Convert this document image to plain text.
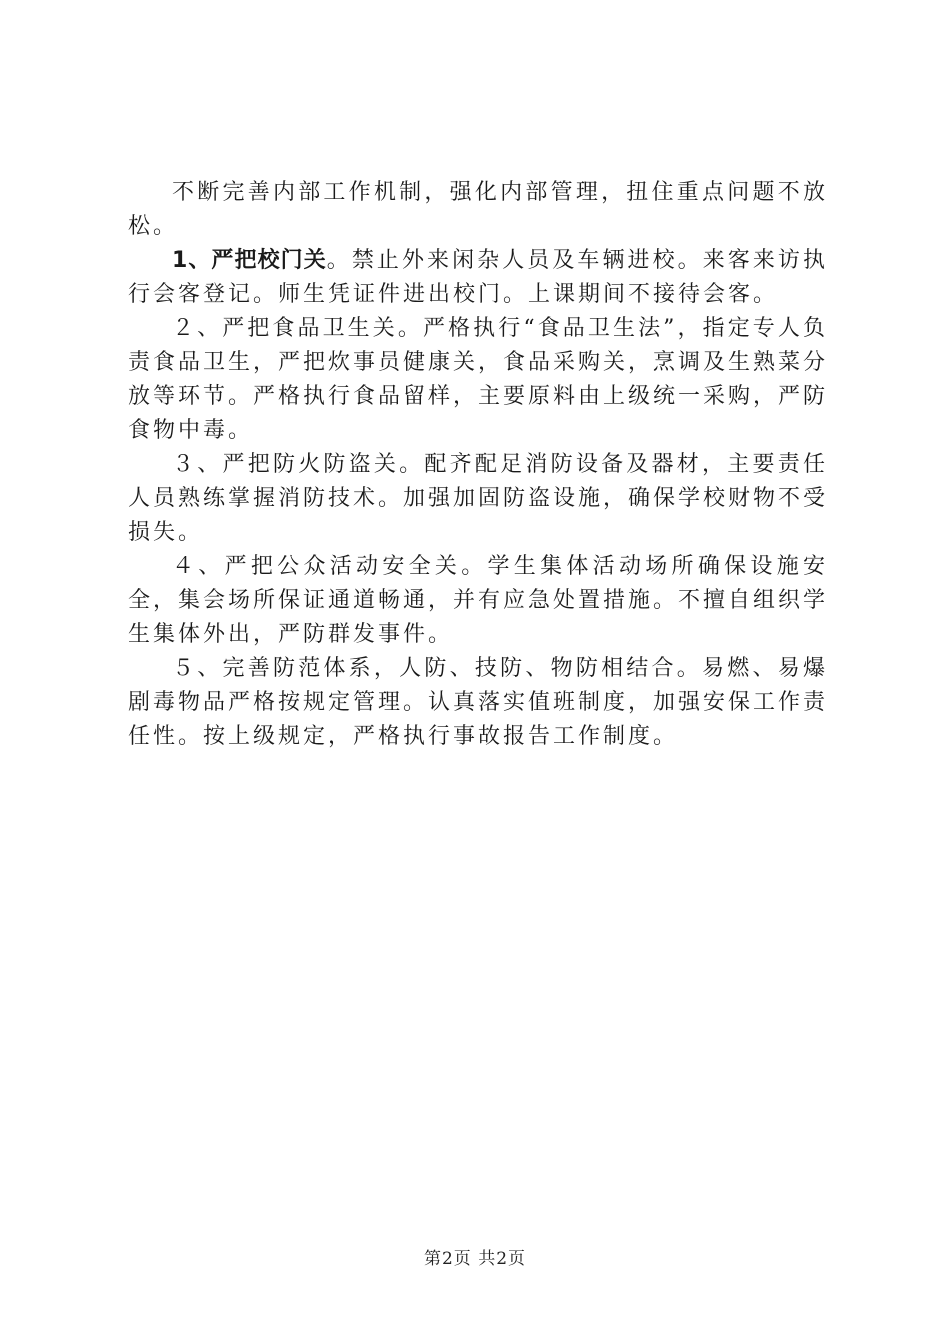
不断完善内部工作机制，强化内部管理，扭住重点问题不放松。

1、严把校门关。禁止外来闲杂人员及车辆进校。来客来访执行会客登记。师生凭证件进出校门。上课期间不接待会客。

２、严把食品卫生关。严格执行“食品卫生法”，指定专人负责食品卫生，严把炊事员健康关，食品采购关，烹调及生熟菜分放等环节。严格执行食品留样，主要原料由上级统一采购，严防食物中毒。

３、严把防火防盗关。配齐配足消防设备及器材，主要责任人员熟练掌握消防技术。加强加固防盗设施，确保学校财物不受损失。

４、严把公众活动安全关。学生集体活动场所确保设施安全，集会场所保证通道畅通，并有应急处置措施。不擅自组织学生集体外出，严防群发事件。

５、完善防范体系，人防、技防、物防相结合。易燃、易爆剧毒物品严格按规定管理。认真落实值班制度，加强安保工作责任性。按上级规定，严格执行事故报告工作制度。

第2页 共2页
